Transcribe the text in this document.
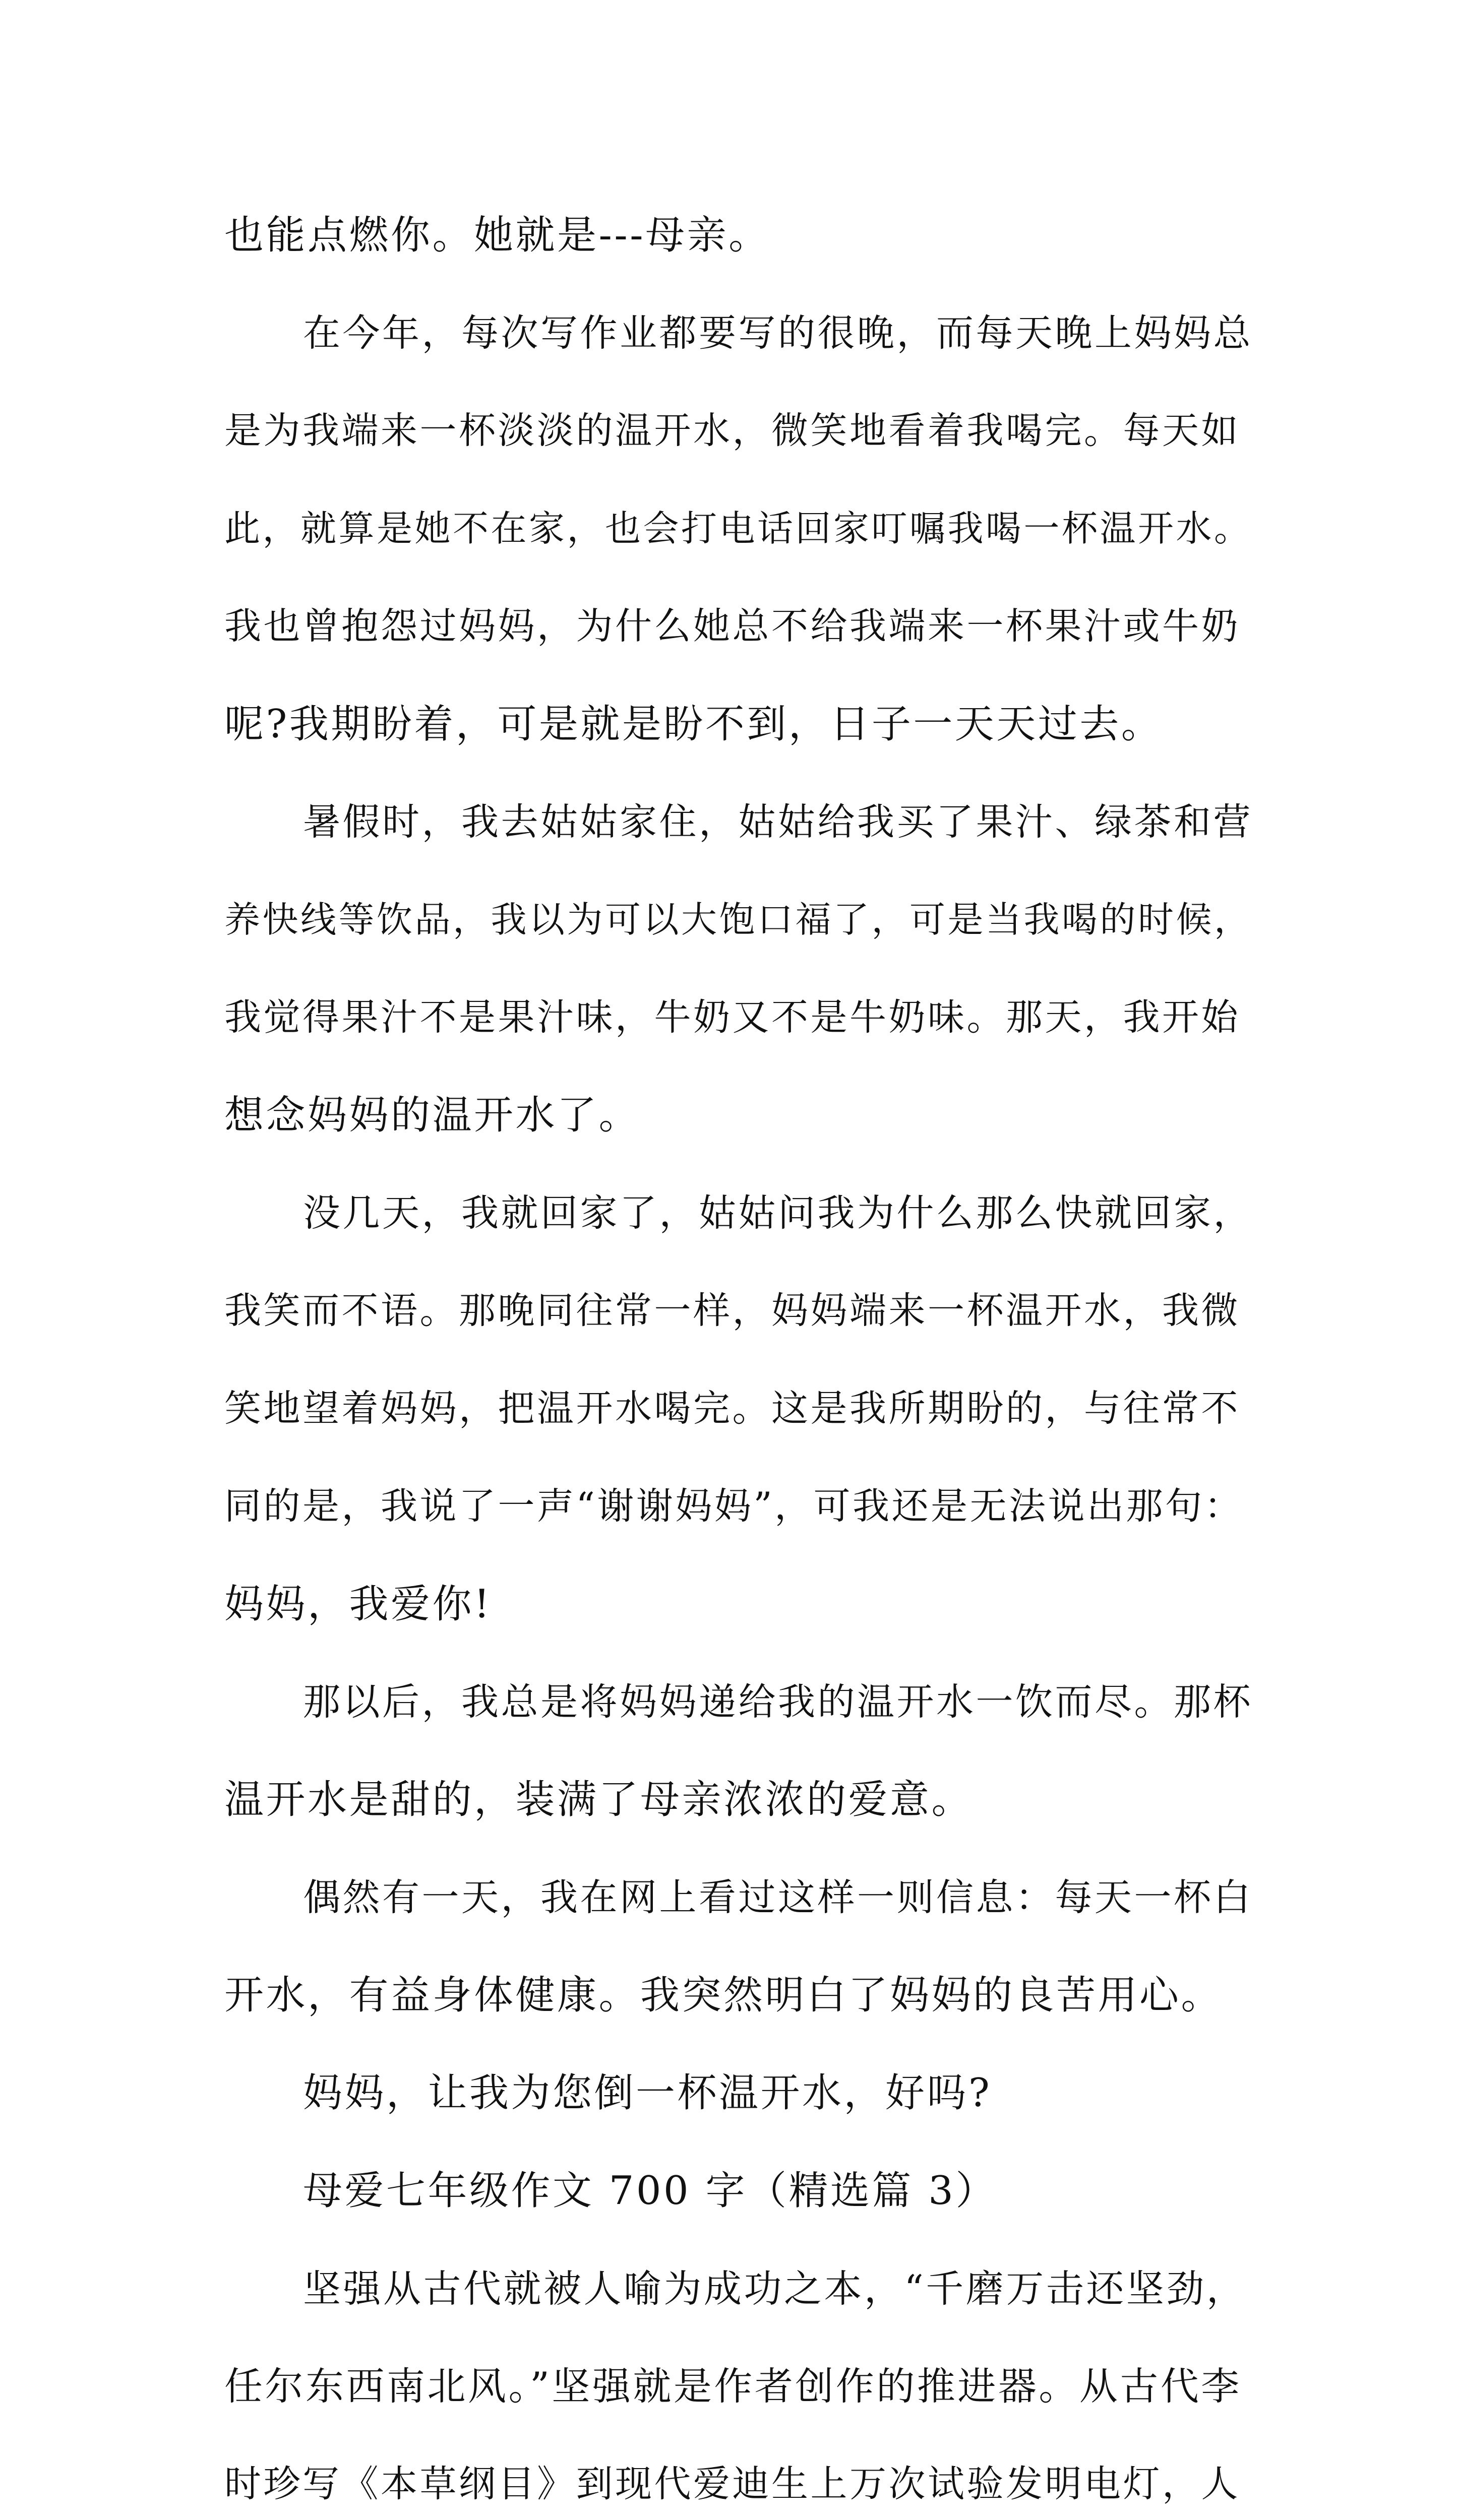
也能点燃你。她就是---母亲。
在今年，每次写作业都要写的很晚，而每天晚上妈妈总
是为我端来一杯淡淡的温开水，微笑地看着我喝完。每天如
此，就算是她不在家，也会打电话回家叮嘱我喝一杯温开水。
我也曾抱怨过妈妈，为什么她总不给我端来一杯果汁或牛奶
呢?我期盼着，可是就是盼不到，日子一天天过去。
暑假时，我去姑姑家住，姑姑给我买了果汁、绿茶和营
养快线等饮品，我以为可以大饱口福了，可是当我喝的时候，
我觉得果汁不是果汁味，牛奶又不是牛奶味。那天，我开始
想念妈妈的温开水了。
没几天，我就回家了，姑姑问我为什么那么快就回家，
我笑而不语。那晚同往常一样，妈妈端来一杯温开水，我微
笑地望着妈妈，把温开水喝完。这是我所期盼的，与往常不
同的是，我说了一声“谢谢妈妈”，可我还是无法说出那句：
妈妈，我爱你!
那以后，我总是将妈妈递给我的温开水一饮而尽。那杯
温开水是甜的，装满了母亲浓浓的爱意。
偶然有一天，我在网上看过这样一则信息：每天一杯白
开水，有益身体健康。我突然明白了妈妈的良苦用心。
妈妈，让我为您倒一杯温开水，好吗?
母爱七年级作文 700 字（精选篇 3）
坚强从古代就被人喻为成功之本，“千磨万击还坚劲，
任尔东西南北风。”坚强就是作者创作的推进器。从古代李
时珍写《本草纲目》到现代爱迪生上万次试验发明电灯，人
